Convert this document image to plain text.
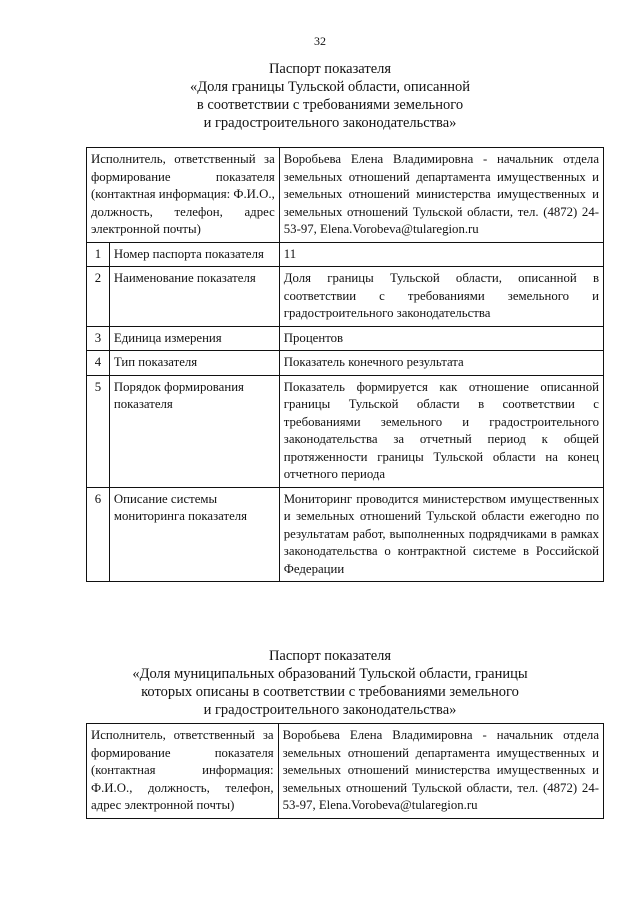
32
Паспорт показателя
«Доля границы Тульской области, описанной
в соответствии с требованиями земельного
и градостроительного законодательства»
Исполнитель, ответственный за формирование показателя (контактная информация: Ф.И.О., должность, телефон, адрес электронной почты)		Воробьева Елена Владимировна - начальник отдела земельных отношений департамента имущественных и земельных отношений министерства имущественных и земельных отношений Тульской области, тел. (4872) 24-53-97, Elena.Vorobeva@tularegion.ru
1	Номер паспорта показателя	11
2	Наименование показателя	Доля границы Тульской области, описанной в соответствии с требованиями земельного и градостроительного законодательства
3	Единица измерения	Процентов
4	Тип показателя	Показатель конечного результата
5	Порядок формирования показателя	Показатель формируется как отношение описанной границы Тульской области в соответствии с требованиями земельного и градостроительного законодательства за отчетный период к общей протяженности границы Тульской области на конец отчетного периода
6	Описание системы мониторинга показателя	Мониторинг проводится министерством имущественных и земельных отношений Тульской области ежегодно по результатам работ, выполненных подрядчиками в рамках законодательства о контрактной системе в Российской Федерации
Паспорт показателя
«Доля муниципальных образований Тульской области, границы
которых описаны в соответствии с требованиями земельного
и градостроительного законодательства»
Исполнитель, ответственный за формирование показателя (контактная информация: Ф.И.О., должность, телефон, адрес электронной почты)	Воробьева Елена Владимировна - начальник отдела земельных отношений департамента имущественных и земельных отношений министерства имущественных и земельных отношений Тульской области, тел. (4872) 24-53-97, Elena.Vorobeva@tularegion.ru
